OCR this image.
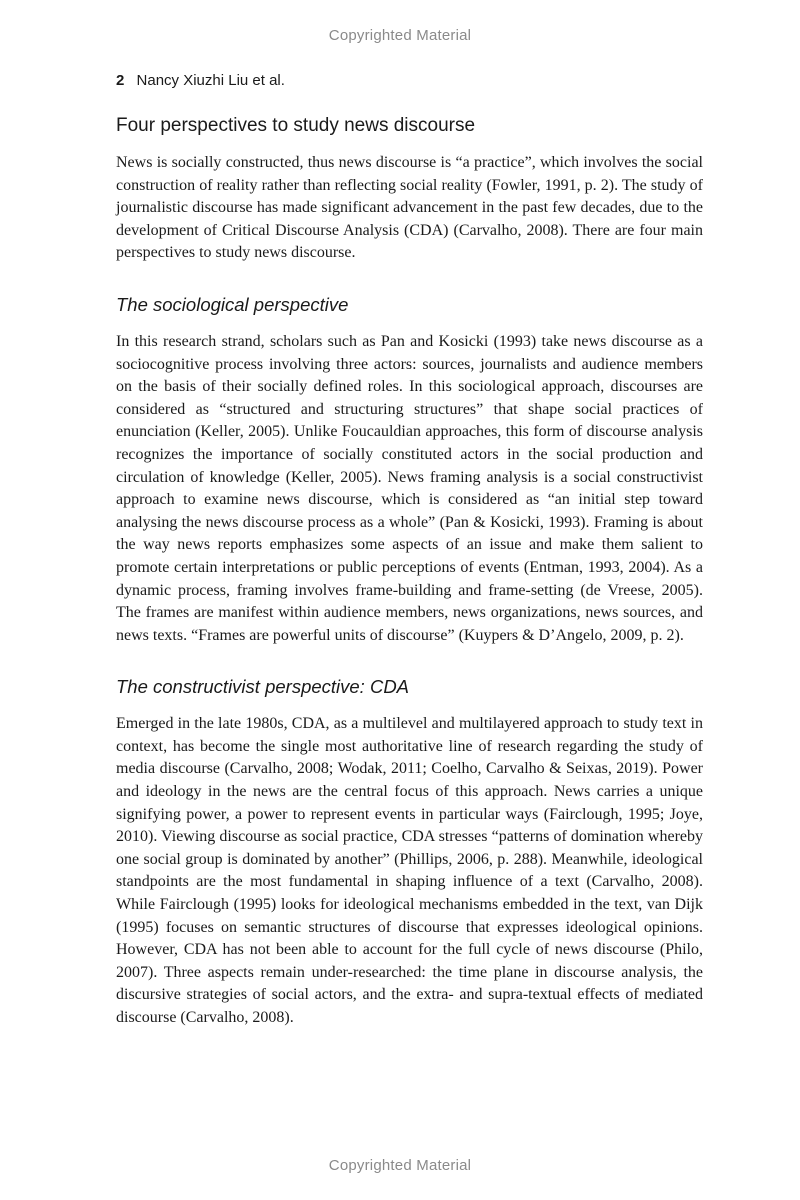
Copyrighted Material
2 Nancy Xiuzhi Liu et al.
Four perspectives to study news discourse

News is socially constructed, thus news discourse is “a practice”, which involves the social construction of reality rather than reflecting social reality (Fowler, 1991, p. 2). The study of journalistic discourse has made significant advancement in the past few decades, due to the development of Critical Discourse Analysis (CDA) (Carvalho, 2008). There are four main perspectives to study news discourse.

The sociological perspective

In this research strand, scholars such as Pan and Kosicki (1993) take news discourse as a sociocognitive process involving three actors: sources, journalists and audience members on the basis of their socially defined roles. In this sociological approach, discourses are considered as “structured and structuring structures” that shape social practices of enunciation (Keller, 2005). Unlike Foucauldian approaches, this form of discourse analysis recognizes the importance of socially constituted actors in the social production and circulation of knowledge (Keller, 2005). News framing analysis is a social constructivist approach to examine news discourse, which is considered as “an initial step toward analysing the news discourse process as a whole” (Pan & Kosicki, 1993). Framing is about the way news reports emphasizes some aspects of an issue and make them salient to promote certain interpretations or public perceptions of events (Entman, 1993, 2004). As a dynamic process, framing involves frame-building and frame-setting (de Vreese, 2005). The frames are manifest within audience members, news organizations, news sources, and news texts. “Frames are powerful units of discourse” (Kuypers & D’Angelo, 2009, p. 2).

The constructivist perspective: CDA

Emerged in the late 1980s, CDA, as a multilevel and multilayered approach to study text in context, has become the single most authoritative line of research regarding the study of media discourse (Carvalho, 2008; Wodak, 2011; Coelho, Carvalho & Seixas, 2019). Power and ideology in the news are the central focus of this approach. News carries a unique signifying power, a power to represent events in particular ways (Fairclough, 1995; Joye, 2010). Viewing discourse as social practice, CDA stresses “patterns of domination whereby one social group is dominated by another” (Phillips, 2006, p. 288). Meanwhile, ideological standpoints are the most fundamental in shaping influence of a text (Carvalho, 2008). While Fairclough (1995) looks for ideological mechanisms embedded in the text, van Dijk (1995) focuses on semantic structures of discourse that expresses ideological opinions. However, CDA has not been able to account for the full cycle of news discourse (Philo, 2007). Three aspects remain under-researched: the time plane in discourse analysis, the discursive strategies of social actors, and the extra- and supra-textual effects of mediated discourse (Carvalho, 2008).

Copyrighted Material
